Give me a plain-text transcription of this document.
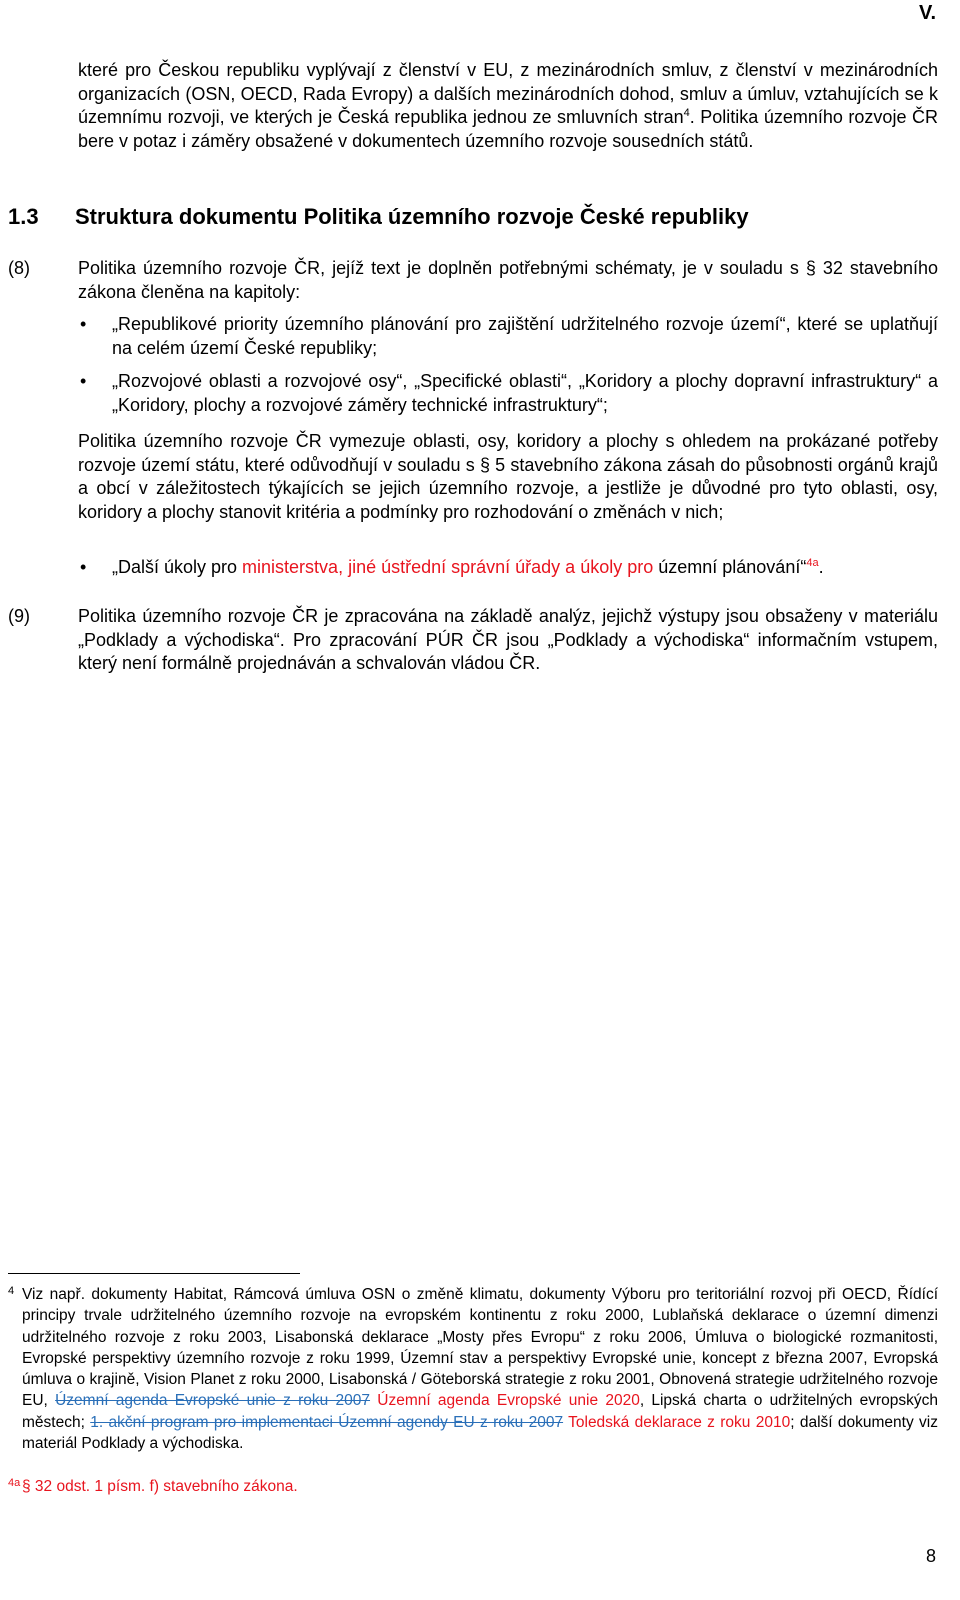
V.
které pro Českou republiku vyplývají z členství v EU, z mezinárodních smluv, z členství v mezinárodních organizacích (OSN, OECD, Rada Evropy) a dalších mezinárodních dohod, smluv a úmluv, vztahujících se k územnímu rozvoji, ve kterých je Česká republika jednou ze smluvních stran$^4$. Politika územního rozvoje ČR bere v potaz i záměry obsažené v dokumentech územního rozvoje sousedních států.
1.3 Struktura dokumentu Politika územního rozvoje České republiky
(8)	Politika územního rozvoje ČR, jejíž text je doplněn potřebnými schématy, je v souladu s § 32 stavebního zákona členěna na kapitoly:
• „Republikové priority územního plánování pro zajištění udržitelného rozvoje území“, které se uplatňují na celém území České republiky;
• „Rozvojové oblasti a rozvojové osy“, „Specifické oblasti“, „Koridory a plochy dopravní infrastruktury“ a „Koridory, plochy a rozvojové záměry technické infrastruktury“;
Politika územního rozvoje ČR vymezuje oblasti, osy, koridory a plochy s ohledem na prokázané potřeby rozvoje území státu, které odůvodňují v souladu s § 5 stavebního zákona zásah do působnosti orgánů krajů a obcí v záležitostech týkajících se jejich územního rozvoje, a jestliže je důvodné pro tyto oblasti, osy, koridory a plochy stanovit kritéria a podmínky pro rozhodování o změnách v nich;
• „Další úkoly pro ministerstva, jiné ústřední správní úřady a úkoly pro územní plánování“$^{4a}$.
(9)	Politika územního rozvoje ČR je zpracována na základě analýz, jejichž výstupy jsou obsaženy v materiálu „Podklady a východiska“. Pro zpracování PÚR ČR jsou „Podklady a východiska“ informačním vstupem, který není formálně projednáván a schvalován vládou ČR.
4 Viz např. dokumenty Habitat, Rámcová úmluva OSN o změně klimatu, dokumenty Výboru pro teritoriální rozvoj při OECD, Řídící principy trvale udržitelného územního rozvoje na evropském kontinentu z roku 2000, Lublaňská deklarace o územní dimenzi udržitelného rozvoje z roku 2003, Lisabonská deklarace „Mosty přes Evropu“ z roku 2006, Úmluva o biologické rozmanitosti, Evropské perspektivy územního rozvoje z roku 1999, Územní stav a perspektivy Evropské unie, koncept z března 2007, Evropská úmluva o krajině, Vision Planet z roku 2000, Lisabonská / Göteborská strategie z roku 2001, Obnovená strategie udržitelného rozvoje EU, Územní agenda Evropské unie z roku 2007 Územní agenda Evropské unie 2020, Lipská charta o udržitelných evropských městech; 1. akční program pro implementaci Územní agendy EU z roku 2007 Toledská deklarace z roku 2010; další dokumenty viz materiál Podklady a východiska.
4a § 32 odst. 1 písm. f) stavebního zákona.
8
